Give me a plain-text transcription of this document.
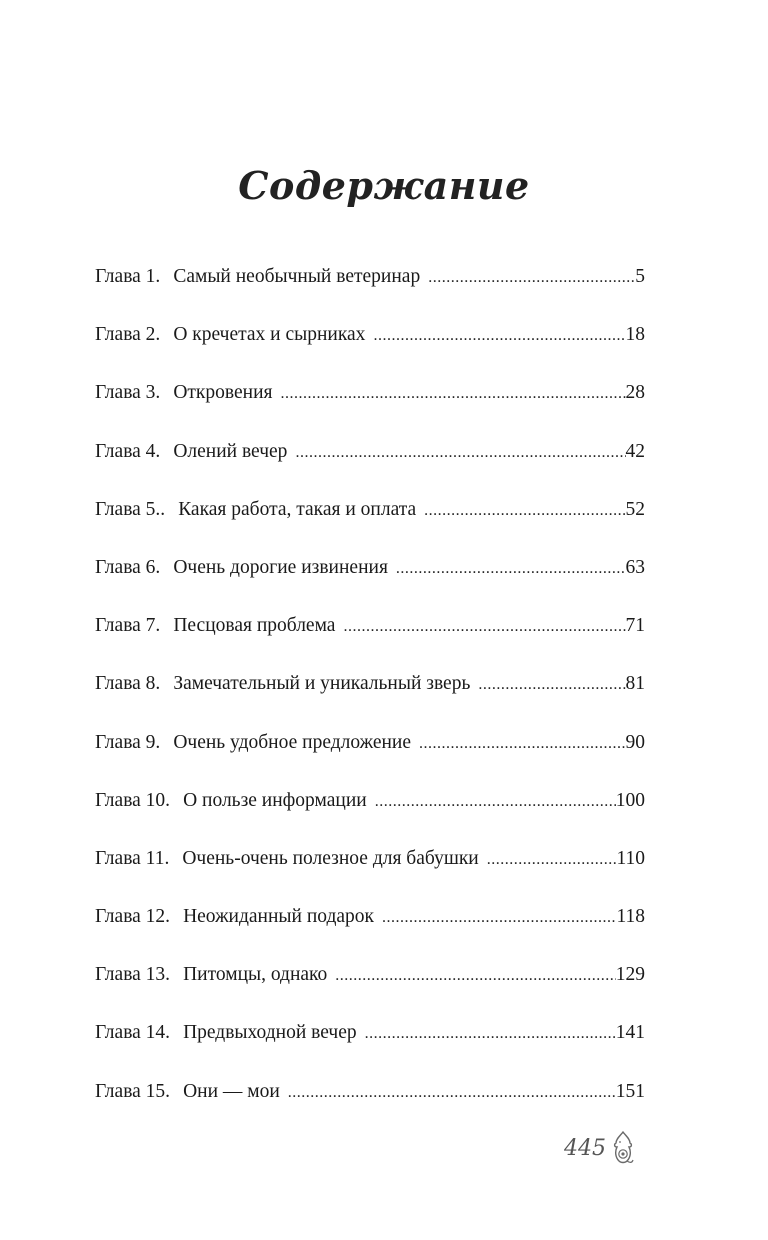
Содержание
Глава 1. Самый необычный ветеринар .....	5
Глава 2. О кречетах и сырниках .....	18
Глава 3. Откровения .....	28
Глава 4. Олений вечер .....	42
Глава 5.. Какая работа, такая и оплата .....	52
Глава 6. Очень дорогие извинения .....	63
Глава 7. Песцовая проблема .....	71
Глава 8. Замечательный и уникальный зверь .....	81
Глава 9. Очень удобное предложение .....	90
Глава 10. О пользе информации .....	100
Глава 11. Очень-очень полезное для бабушки .....	110
Глава 12. Неожиданный подарок .....	118
Глава 13. Питомцы, однако .....	129
Глава 14. Предвыходной вечер .....	141
Глава 15. Они — мои .....	151
445
